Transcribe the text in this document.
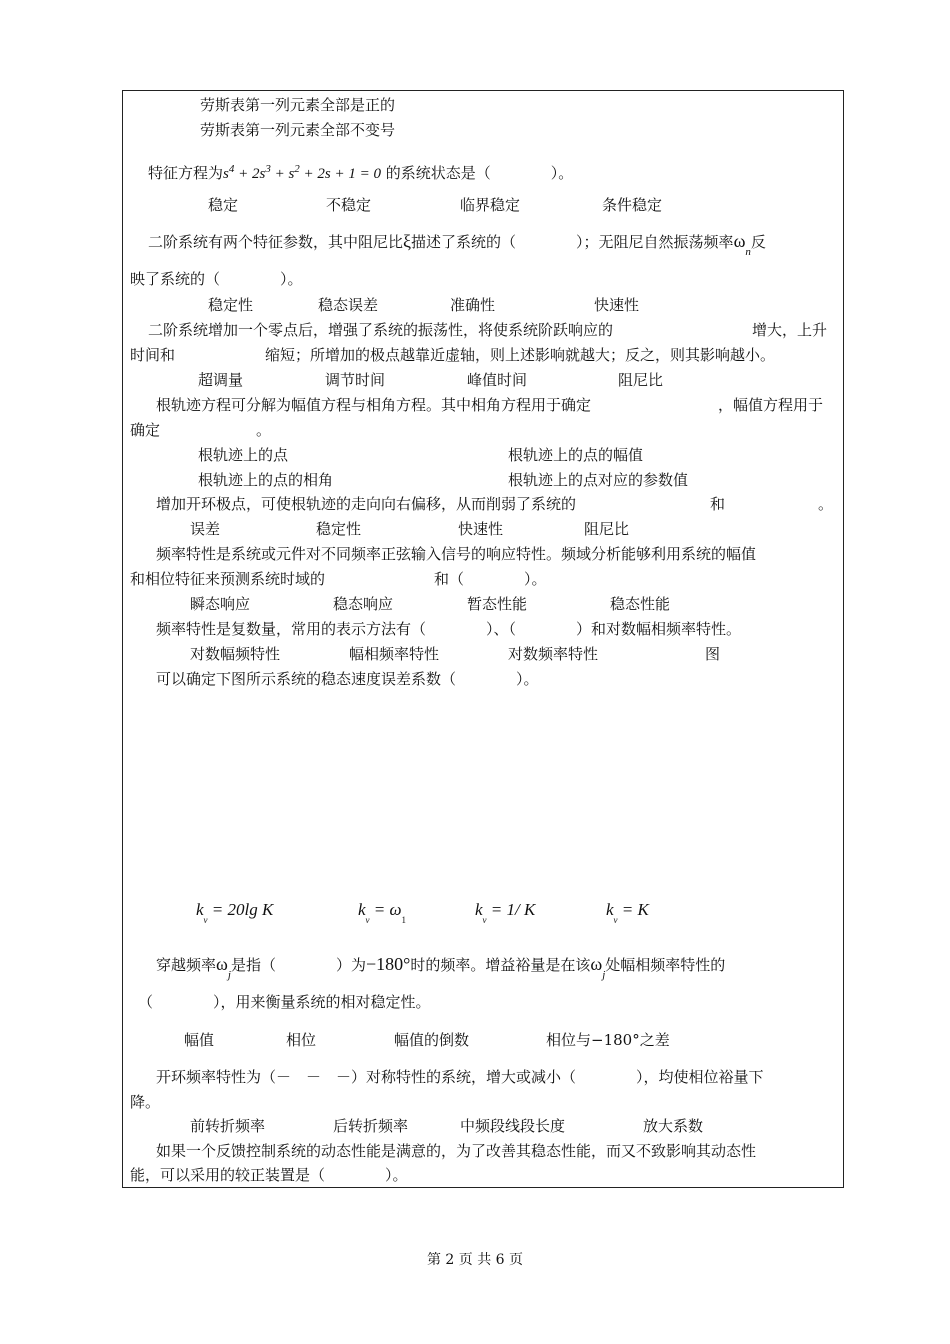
劳斯表第一列元素全部是正的
劳斯表第一列元素全部不变号
特征方程为$s^4 + 2s^3 + s^2 + 2s + 1 = 0$ 的系统状态是（　　　　）。
稳定	不稳定	临界稳定	条件稳定
二阶系统有两个特征参数，其中阻尼比ξ描述了系统的（　　　　）；无阻尼自然振荡频率$\omega_n$反
映了系统的（　　　　）。
稳定性	稳态误差	准确性	快速性
二阶系统增加一个零点后，增强了系统的振荡性，将使系统阶跃响应的	增大，上升
时间和	缩短；所增加的极点越靠近虚轴，则上述影响就越大；反之，则其影响越小。
超调量	调节时间	峰值时间	阻尼比
根轨迹方程可分解为幅值方程与相角方程。其中相角方程用于确定	，幅值方程用于
确定	。
根轨迹上的点	根轨迹上的点的幅值
根轨迹上的点的相角	根轨迹上的点对应的参数值
增加开环极点，可使根轨迹的走向向右偏移，从而削弱了系统的	和	。
误差	稳定性	快速性	阻尼比
频率特性是系统或元件对不同频率正弦输入信号的响应特性。频域分析能够利用系统的幅值
和相位特征来预测系统时域的	和（　　　　）。
瞬态响应	稳态响应	暂态性能	稳态性能
频率特性是复数量，常用的表示方法有（　　　　）、（　　　　）和对数幅相频率特性。
对数幅频特性	幅相频率特性	对数频率特性	图
可以确定下图所示系统的稳态速度误差系数（　　　　）。
$k_v = 20\lg$ K	$k_v = \omega_1$
$k_v = 1/$ K	$k_v = K$
穿越频率$\omega_j$是指（　　　　）为−180°时的频率。增益裕量是在该$\omega_j$处幅相频率特性的
（　　　　），用来衡量系统的相对稳定性。
幅值	相位	幅值的倒数	相位与−180°之差
开环频率特性为（－　－　－）对称特性的系统，增大或减小（　　　　），均使相位裕量下
降。
前转折频率	后转折频率	中频段线段长度	放大系数
如果一个反馈控制系统的动态性能是满意的，为了改善其稳态性能，而又不致影响其动态性
能，可以采用的较正装置是（　　　　）。
第 2 页 共 6 页
